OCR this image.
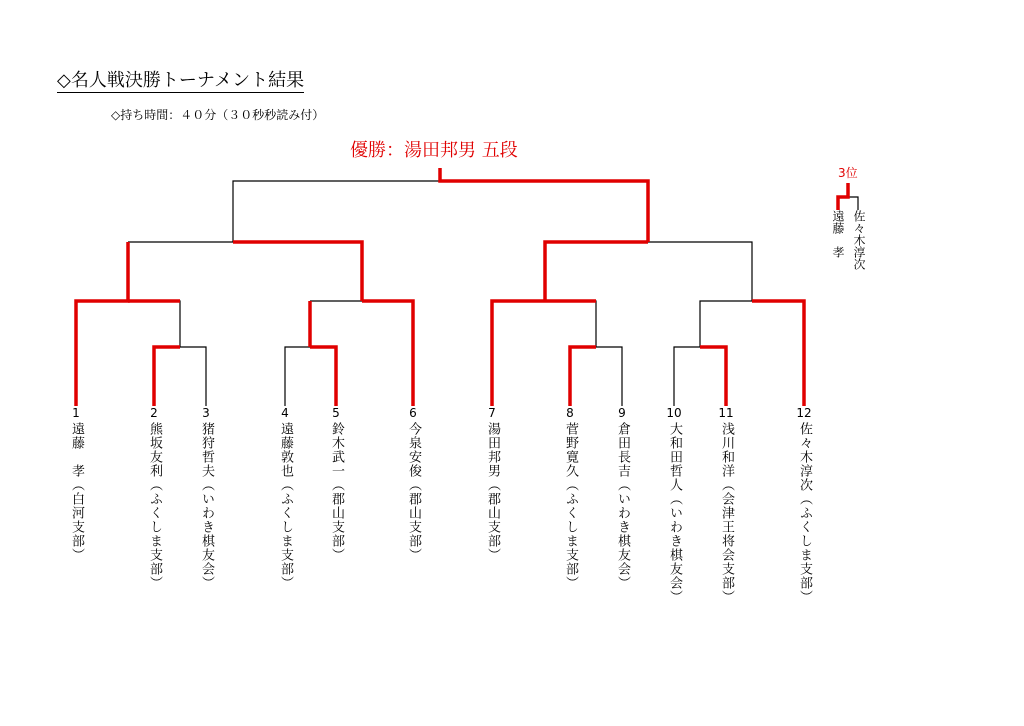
◇名人戦決勝トーナメント結果
◇持ち時間：４０分（３０秒秒読み付）
優勝：湯田邦男 五段
1
遠藤　孝（白河支部）
2
熊坂友利（ふくしま支部）
3
猪狩哲夫（いわき棋友会）
4
遠藤敦也（ふくしま支部）
5
鈴木武一（郡山支部）
6
今泉安俊（郡山支部）
7
湯田邦男（郡山支部）
8
菅野寛久（ふくしま支部）
9
倉田長吉（いわき棋友会）
10
大和田哲人（いわき棋友会）
11
浅川和洋（会津王将会支部）
12
佐々木淳次（ふくしま支部）
3位
遠藤　孝 佐々木淳次
